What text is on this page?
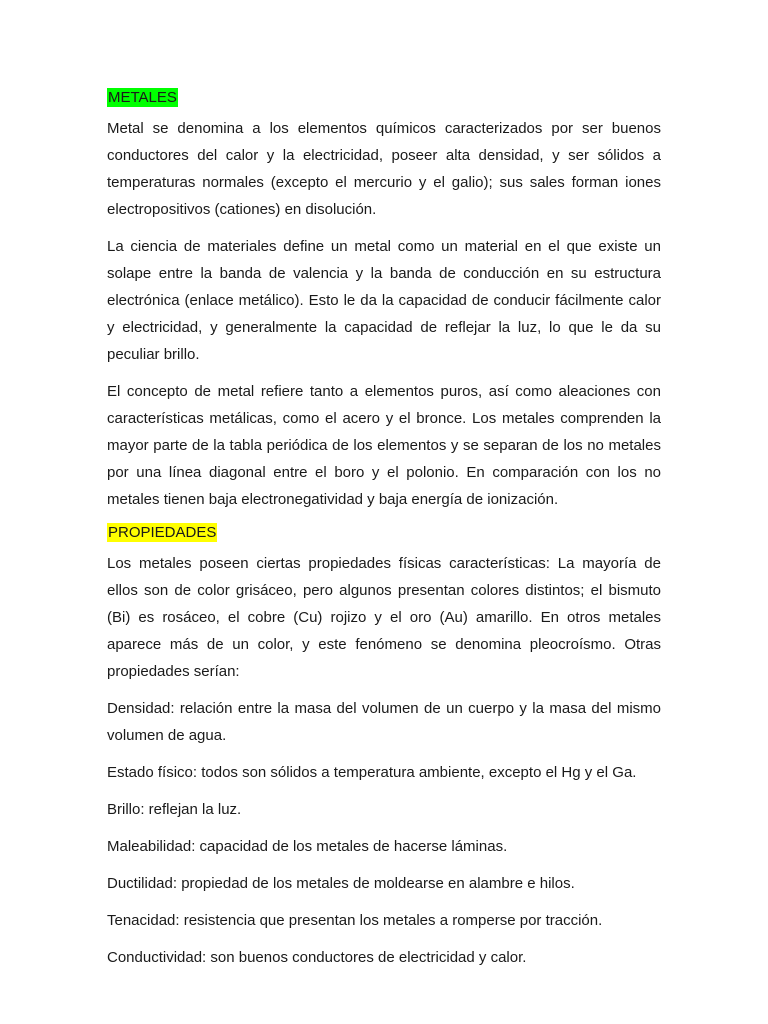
METALES

Metal se denomina a los elementos químicos caracterizados por ser buenos conductores del calor y la electricidad, poseer alta densidad, y ser sólidos a temperaturas normales (excepto el mercurio y el galio); sus sales forman iones electropositivos (cationes) en disolución.

La ciencia de materiales define un metal como un material en el que existe un solape entre la banda de valencia y la banda de conducción en su estructura electrónica (enlace metálico). Esto le da la capacidad de conducir fácilmente calor y electricidad, y generalmente la capacidad de reflejar la luz, lo que le da su peculiar brillo.

El concepto de metal refiere tanto a elementos puros, así como aleaciones con características metálicas, como el acero y el bronce. Los metales comprenden la mayor parte de la tabla periódica de los elementos y se separan de los no metales por una línea diagonal entre el boro y el polonio. En comparación con los no metales tienen baja electronegatividad y baja energía de ionización.

PROPIEDADES

Los metales poseen ciertas propiedades físicas características: La mayoría de ellos son de color grisáceo, pero algunos presentan colores distintos; el bismuto (Bi) es rosáceo, el cobre (Cu) rojizo y el oro (Au) amarillo. En otros metales aparece más de un color, y este fenómeno se denomina pleocroísmo. Otras propiedades serían:

Densidad: relación entre la masa del volumen de un cuerpo y la masa del mismo volumen de agua.

Estado físico: todos son sólidos a temperatura ambiente, excepto el Hg y el Ga.

Brillo: reflejan la luz.

Maleabilidad: capacidad de los metales de hacerse láminas.

Ductilidad: propiedad de los metales de moldearse en alambre e hilos.

Tenacidad: resistencia que presentan los metales a romperse por tracción.

Conductividad: son buenos conductores de electricidad y calor.
